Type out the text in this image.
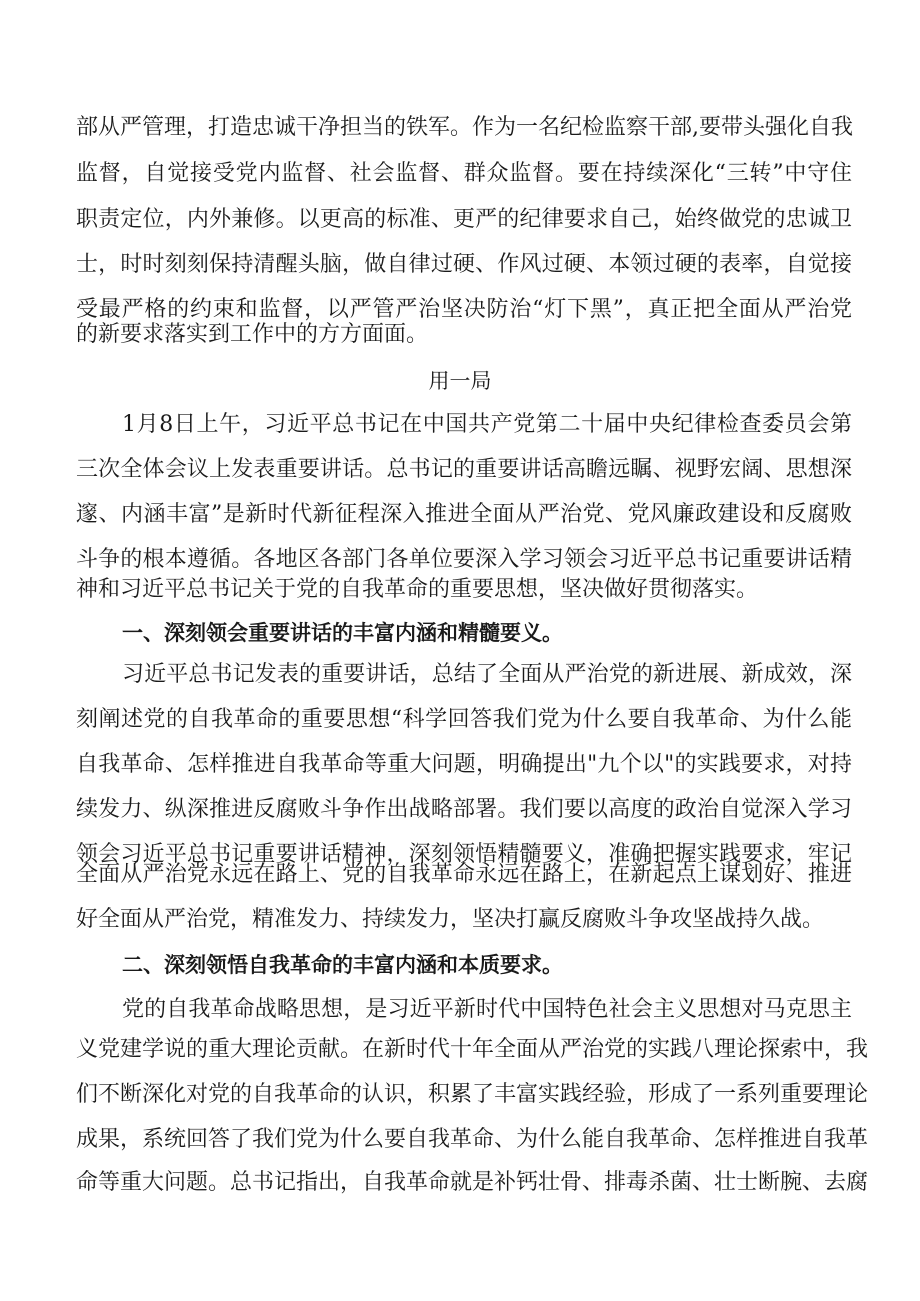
部从严管理，打造忠诚干净担当的铁军。作为一名纪检监察干部,要带头强化自我
监督，自觉接受党内监督、社会监督、群众监督。要在持续深化“三转”中守住
职责定位，内外兼修。以更高的标准、更严的纪律要求自己，始终做党的忠诚卫
士，时时刻刻保持清醒头脑，做自律过硬、作风过硬、本领过硬的表率，自觉接
受最严格的约束和监督，以严管严治坚决防治“灯下黑”，真正把全面从严治党
的新要求落实到工作中的方方面面。
用一局
1月8日上午，习近平总书记在中国共产党第二十届中央纪律检查委员会第
三次全体会议上发表重要讲话。总书记的重要讲话高瞻远瞩、视野宏阔、思想深
邃、内涵丰富”是新时代新征程深入推进全面从严治党、党风廉政建设和反腐败
斗争的根本遵循。各地区各部门各单位要深入学习领会习近平总书记重要讲话精
神和习近平总书记关于党的自我革命的重要思想，坚决做好贯彻落实。
一、深刻领会重要讲话的丰富内涵和精髓要义。
习近平总书记发表的重要讲话，总结了全面从严治党的新进展、新成效，深
刻阐述党的自我革命的重要思想“科学回答我们党为什么要自我革命、为什么能
自我革命、怎样推进自我革命等重大问题，明确提出"九个以"的实践要求，对持
续发力、纵深推进反腐败斗争作出战略部署。我们要以高度的政治自觉深入学习
领会习近平总书记重要讲话精神，深刻领悟精髓要义，准确把握实践要求，牢记
全面从严治党永远在路上、党的自我革命永远在路上，在新起点上谋划好、推进
好全面从严治党，精准发力、持续发力，坚决打赢反腐败斗争攻坚战持久战。
二、深刻领悟自我革命的丰富内涵和本质要求。
党的自我革命战略思想，是习近平新时代中国特色社会主义思想对马克思主
义党建学说的重大理论贡献。在新时代十年全面从严治党的实践八理论探索中，我
们不断深化对党的自我革命的认识，积累了丰富实践经验，形成了一系列重要理论
成果，系统回答了我们党为什么要自我革命、为什么能自我革命、怎样推进自我革
命等重大问题。总书记指出，自我革命就是补钙壮骨、排毒杀菌、壮士断腕、去腐
